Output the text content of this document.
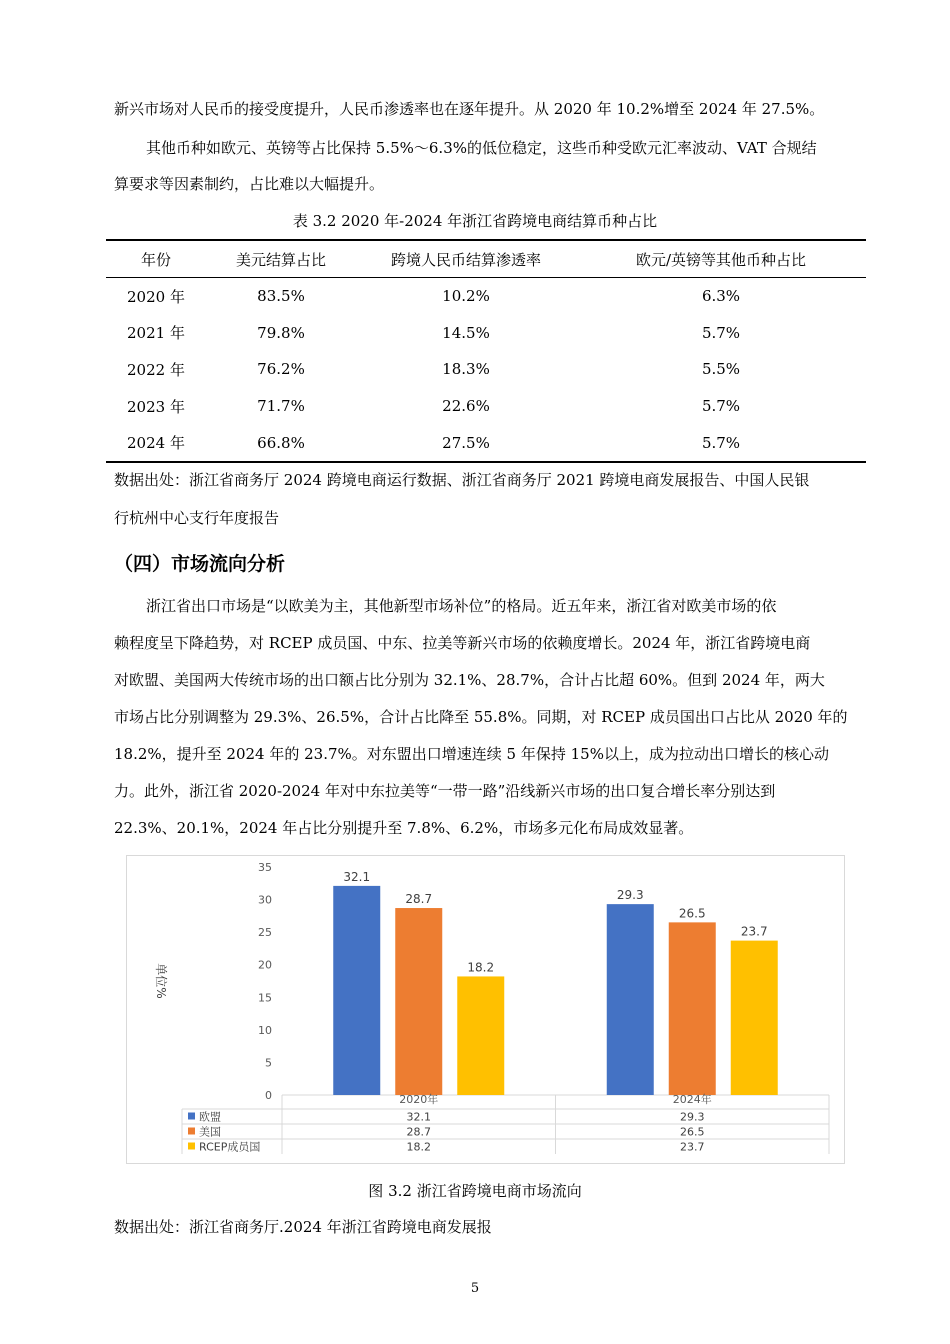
新兴市场对人民币的接受度提升，人民币渗透率也在逐年提升。从 2020 年 10.2%增至 2024 年 27.5%。
其他币种如欧元、英镑等占比保持 5.5%～6.3%的低位稳定，这些币种受欧元汇率波动、VAT 合规结
算要求等因素制约，占比难以大幅提升。
表 3.2 2020 年-2024 年浙江省跨境电商结算币种占比
年份	美元结算占比	跨境人民币结算渗透率	欧元/英镑等其他币种占比
2020 年	83.5%	10.2%	6.3%
2021 年	79.8%	14.5%	5.7%
2022 年	76.2%	18.3%	5.5%
2023 年	71.7%	22.6%	5.7%
2024 年	66.8%	27.5%	5.7%
数据出处：浙江省商务厅 2024 跨境电商运行数据、浙江省商务厅 2021 跨境电商发展报告、中国人民银
行杭州中心支行年度报告
（四）市场流向分析
浙江省出口市场是“以欧美为主，其他新型市场补位”的格局。近五年来，浙江省对欧美市场的依
赖程度呈下降趋势，对 RCEP 成员国、中东、拉美等新兴市场的依赖度增长。2024 年，浙江省跨境电商
对欧盟、美国两大传统市场的出口额占比分别为 32.1%、28.7%，合计占比超 60%。但到 2024 年，两大
市场占比分别调整为 29.3%、26.5%，合计占比降至 55.8%。同期，对 RCEP 成员国出口占比从 2020 年的
18.2%，提升至 2024 年的 23.7%。对东盟出口增速连续 5 年保持 15%以上，成为拉动出口增长的核心动
力。此外，浙江省 2020-2024 年对中东拉美等“一带一路”沿线新兴市场的出口复合增长率分别达到
22.3%、20.1%，2024 年占比分别提升至 7.8%、6.2%，市场多元化布局成效显著。
0
5
10
15
20
25
30
35
单位%
32.1
28.7
18.2
2020年
29.3
26.5
23.7
2024年
欧盟	32.1	29.3
美国	28.7	26.5
RCEP成员国	18.2	23.7
图 3.2 浙江省跨境电商市场流向
数据出处：浙江省商务厅.2024 年浙江省跨境电商发展报
5
